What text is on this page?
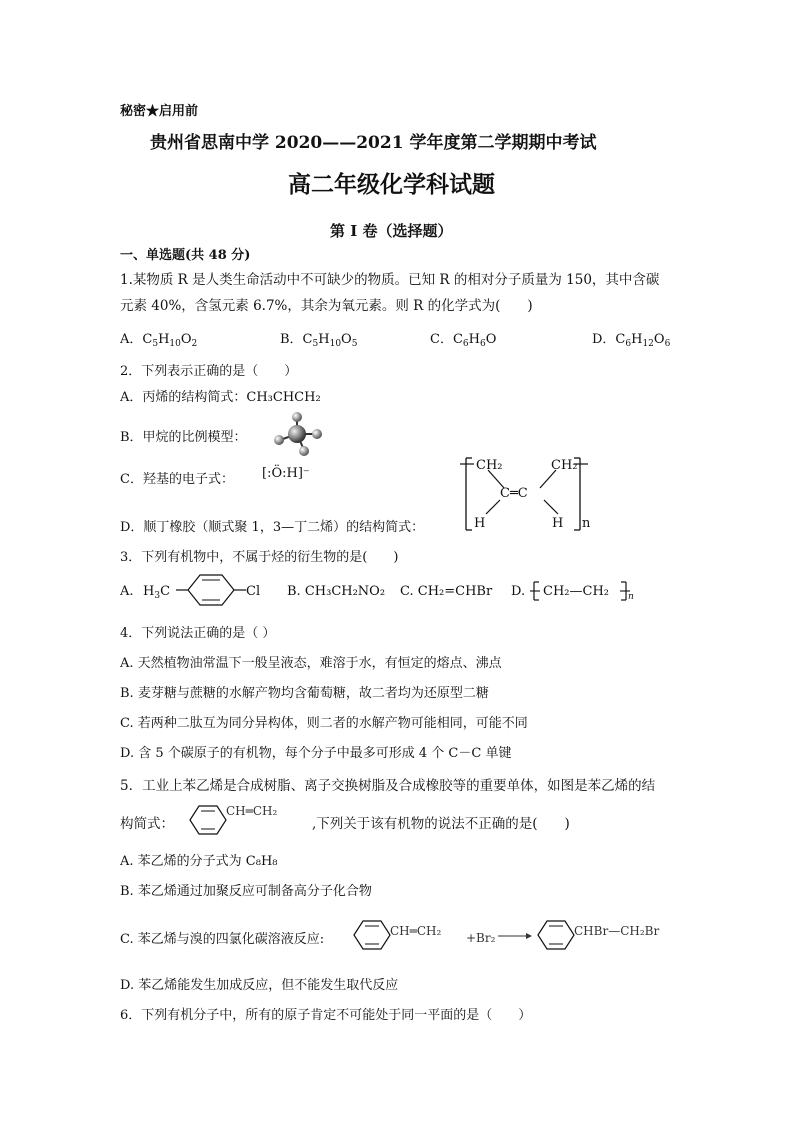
秘密★启用前
贵州省思南中学 2020——2021 学年度第二学期期中考试
高二年级化学科试题
第 I 卷（选择题）
一、单选题(共 48 分)
1.某物质 R 是人类生命活动中不可缺少的物质。已知 R 的相对分子质量为 150，其中含碳
元素 40%，含氢元素 6.7%，其余为氧元素。则 R 的化学式为(　　)
A．$C_5H_{10}O_2$	B．$C_5H_{10}O_5$	C．$C_6H_6O$	D．$C_6H_{12}O_6$
2．下列表示正确的是（　　）
A．丙烯的结构简式：CH₃CHCH₂
B．甲烷的比例模型：
C．羟基的电子式： [:Ö:H]⁻
D．顺丁橡胶（顺式聚 1，3—丁二烯）的结构简式：
CH₂	CH₂
C═C
H	H n
3．下列有机物中，不属于烃的衍生物的是(　　)
A. $H_3C$	Cl B. CH₃CH₂NO₂ C. CH₂=CHBr D. CH₂—CH₂ n
4．下列说法正确的是（ ）
A. 天然植物油常温下一般呈液态，难溶于水，有恒定的熔点、沸点
B. 麦芽糖与蔗糖的水解产物均含葡萄糖，故二者均为还原型二糖
C. 若两种二肽互为同分异构体，则二者的水解产物可能相同，可能不同
D. 含 5 个碳原子的有机物，每个分子中最多可形成 4 个 C－C 单键
5．工业上苯乙烯是合成树脂、离子交换树脂及合成橡胶等的重要单体，如图是苯乙烯的结
构简式：
CH═CH₂
,下列关于该有机物的说法不正确的是(　　)
A. 苯乙烯的分子式为 C₈H₈
B. 苯乙烯通过加聚反应可制备高分子化合物
C. 苯乙烯与溴的四氯化碳溶液反应:
CH═CH₂ +Br₂ →	CHBr—CH₂Br
D. 苯乙烯能发生加成反应，但不能发生取代反应
6．下列有机分子中，所有的原子肯定不可能处于同一平面的是（　　）
